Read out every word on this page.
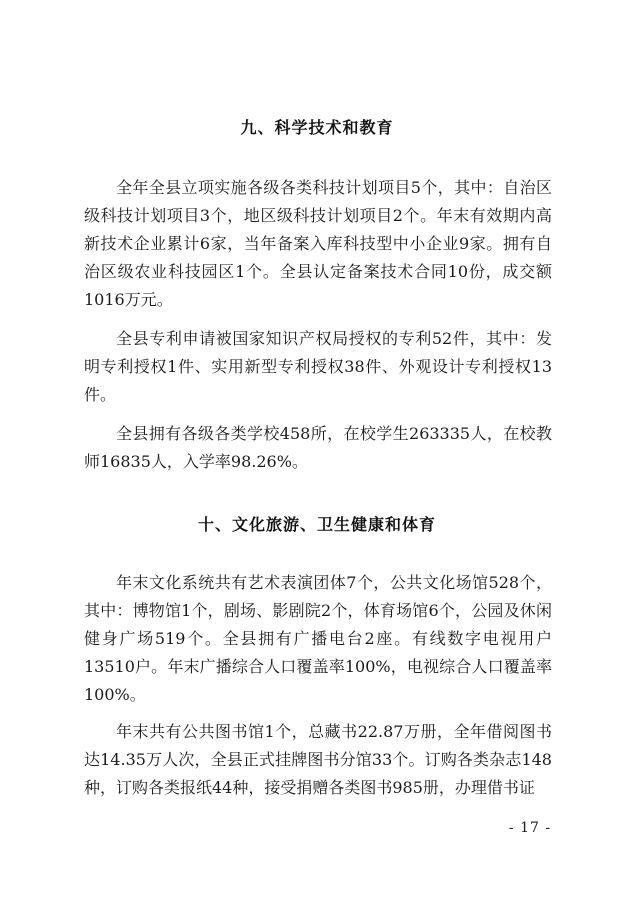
九、科学技术和教育

全年全县立项实施各级各类科技计划项目5个，其中：自治区级科技计划项目3个，地区级科技计划项目2个。年末有效期内高新技术企业累计6家，当年备案入库科技型中小企业9家。拥有自治区级农业科技园区1个。全县认定备案技术合同10份，成交额1016万元。

全县专利申请被国家知识产权局授权的专利52件，其中：发明专利授权1件、实用新型专利授权38件、外观设计专利授权13件。

全县拥有各级各类学校458所，在校学生263335人，在校教师16835人，入学率98.26%。

十、文化旅游、卫生健康和体育

年末文化系统共有艺术表演团体7个，公共文化场馆528个，其中：博物馆1个，剧场、影剧院2个，体育场馆6个，公园及休闲健身广场519个。全县拥有广播电台2座。有线数字电视用户13510户。年末广播综合人口覆盖率100%，电视综合人口覆盖率100%。

年末共有公共图书馆1个，总藏书22.87万册，全年借阅图书达14.35万人次，全县正式挂牌图书分馆33个。订购各类杂志148种，订购各类报纸44种，接受捐赠各类图书985册，办理借书证

- 17 -
